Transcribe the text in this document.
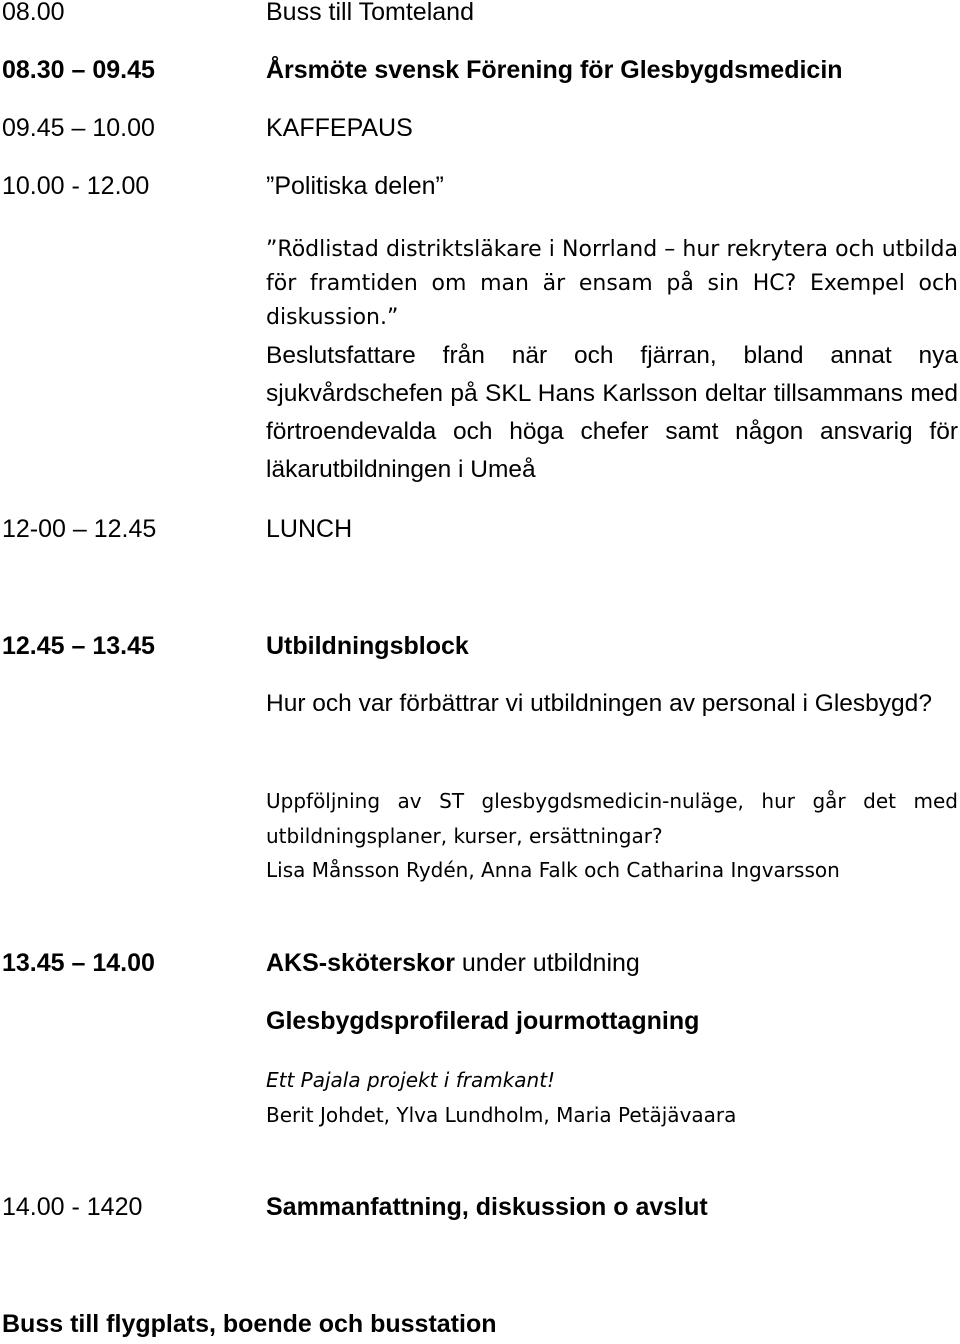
08.00	Buss till Tomteland
08.30 – 09.45	Årsmöte svensk Förening för Glesbygdsmedicin
09.45 – 10.00	KAFFEPAUS
10.00 - 12.00	”Politiska delen”

”Rödlistad distriktsläkare i Norrland – hur rekrytera och utbilda för framtiden om man är ensam på sin HC? Exempel och diskussion.”

Beslutsfattare från när och fjärran, bland annat nya sjukvårdschefen på SKL Hans Karlsson deltar tillsammans med förtroendevalda och höga chefer samt någon ansvarig för läkarutbildningen i Umeå

12-00 – 12.45	LUNCH
12.45 – 13.45	Utbildningsblock

Hur och var förbättrar vi utbildningen av personal i Glesbygd?

Uppföljning av ST glesbygdsmedicin-nuläge, hur går det med utbildningsplaner, kurser, ersättningar?

Lisa Månsson Rydén, Anna Falk och Catharina Ingvarsson

13.45 – 14.00	AKS-sköterskor under utbildning
Glesbygdsprofilerad jourmottagning

Ett Pajala projekt i framkant!

Berit Johdet, Ylva Lundholm, Maria Petäjävaara

14.00 - 1420	Sammanfattning, diskussion o avslut
Buss till flygplats, boende och busstation
